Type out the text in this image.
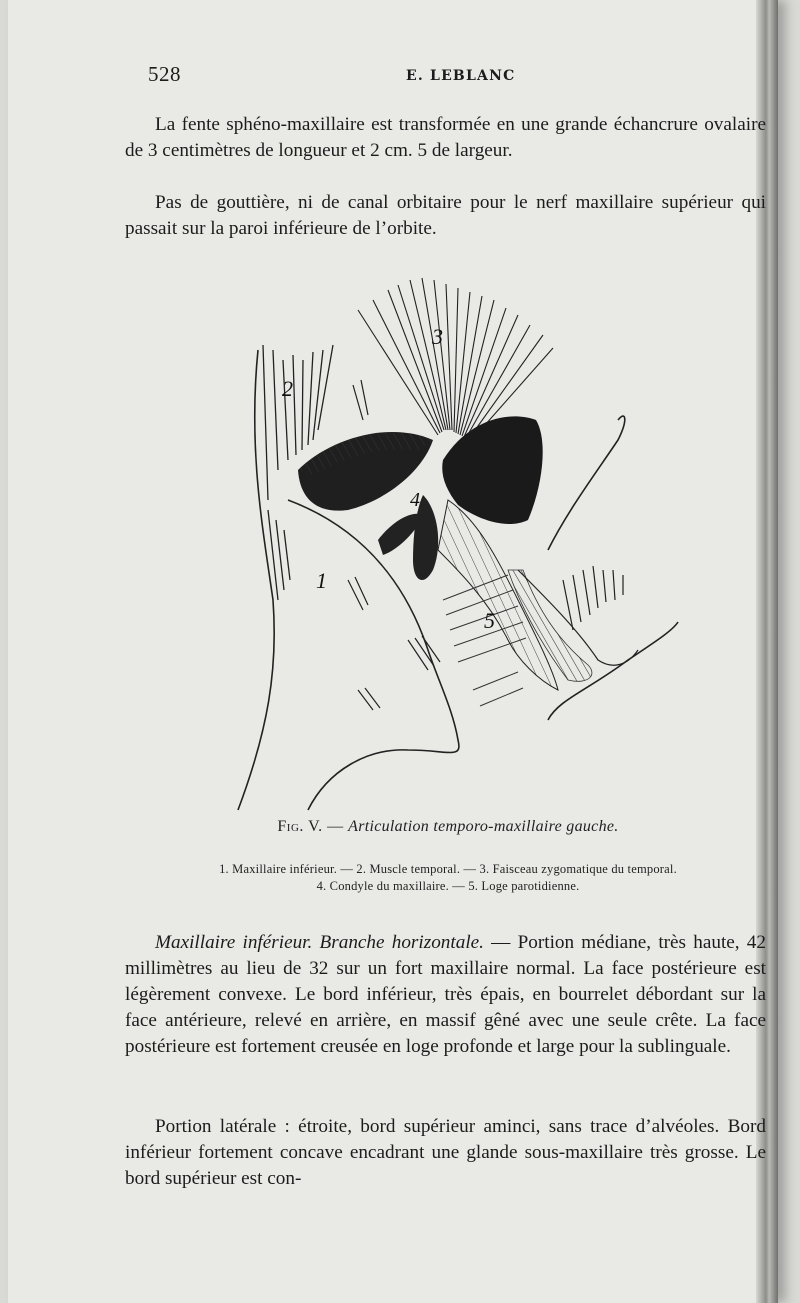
528	E. LEBLANC
La fente sphéno-maxillaire est transformée en une grande échancrure ovalaire de 3 centimètres de longueur et 2 cm. 5 de largeur.
Pas de gouttière, ni de canal orbitaire pour le nerf maxillaire supérieur qui passait sur la paroi inférieure de l’orbite.
1
2
3
4
5
Fig. V. — Articulation temporo-maxillaire gauche.
1. Maxillaire inférieur. — 2. Muscle temporal. — 3. Faisceau zygomatique du temporal.
4. Condyle du maxillaire. — 5. Loge parotidienne.
Maxillaire inférieur. Branche horizontale. — Portion médiane, très haute, 42 millimètres au lieu de 32 sur un fort maxillaire normal. La face postérieure est légèrement convexe. Le bord inférieur, très épais, en bourrelet débordant sur la face antérieure, relevé en arrière, en massif gêné avec une seule crête. La face postérieure est fortement creusée en loge profonde et large pour la sublinguale.
Portion latérale : étroite, bord supérieur aminci, sans trace d’alvéoles. Bord inférieur fortement concave encadrant une glande sous-maxillaire très grosse. Le bord supérieur est con-
